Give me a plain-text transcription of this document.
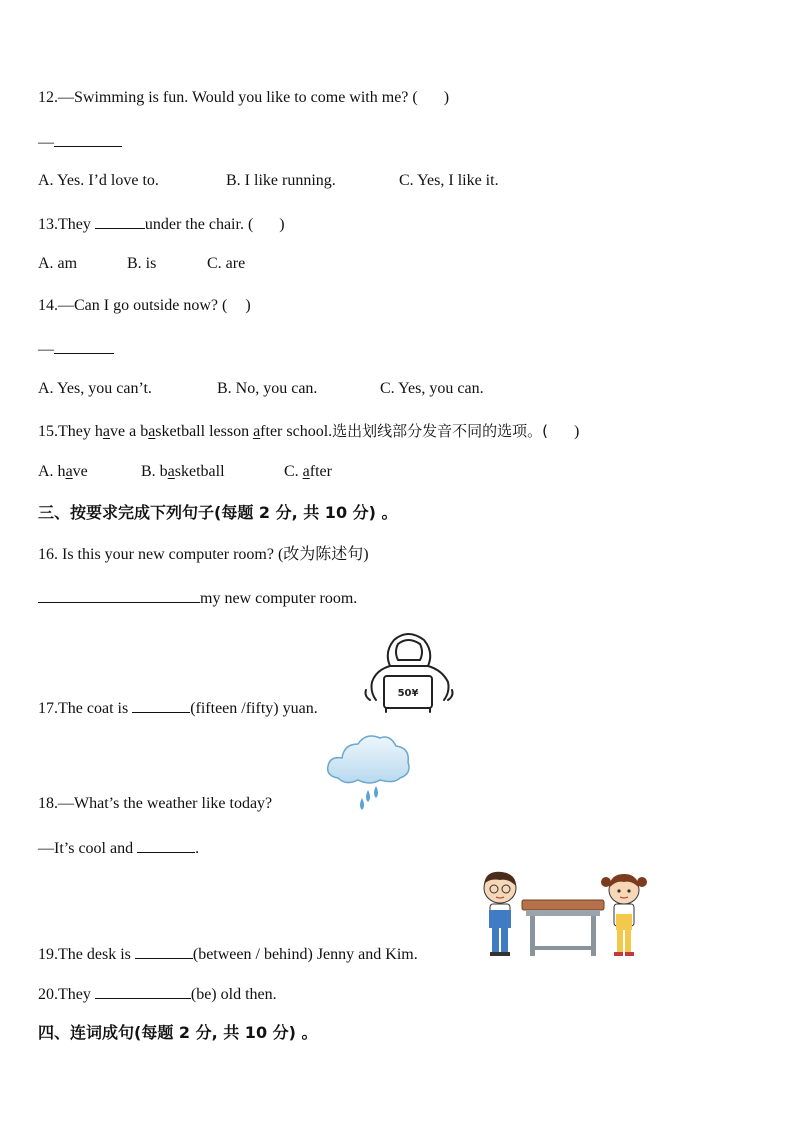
12.—Swimming is fun. Would you like to come with me? ( )
—
A. Yes. I’d love to.	B. I like running.	C. Yes, I like it.
13.They	under the chair. ( )
A. am	B. is	C. are
14.—Can I go outside now? ( )
—
A. Yes, you can’t.	B. No, you can.	C. Yes, you can.
15.They have a basketball lesson after school.选出划线部分发音不同的选项。( )
A. have	B. basketball	C. after
三、按要求完成下列句子(每题 2 分, 共 10 分) 。
16. Is this your new computer room? (改为陈述句)
my new computer room.
17.The coat is	(fifteen /fifty) yuan.
50¥
18.—What’s the weather like today?
—It’s cool and	.
19.The desk is	(between / behind) Jenny and Kim.
20.They	(be) old then.
四、连词成句(每题 2 分, 共 10 分) 。
